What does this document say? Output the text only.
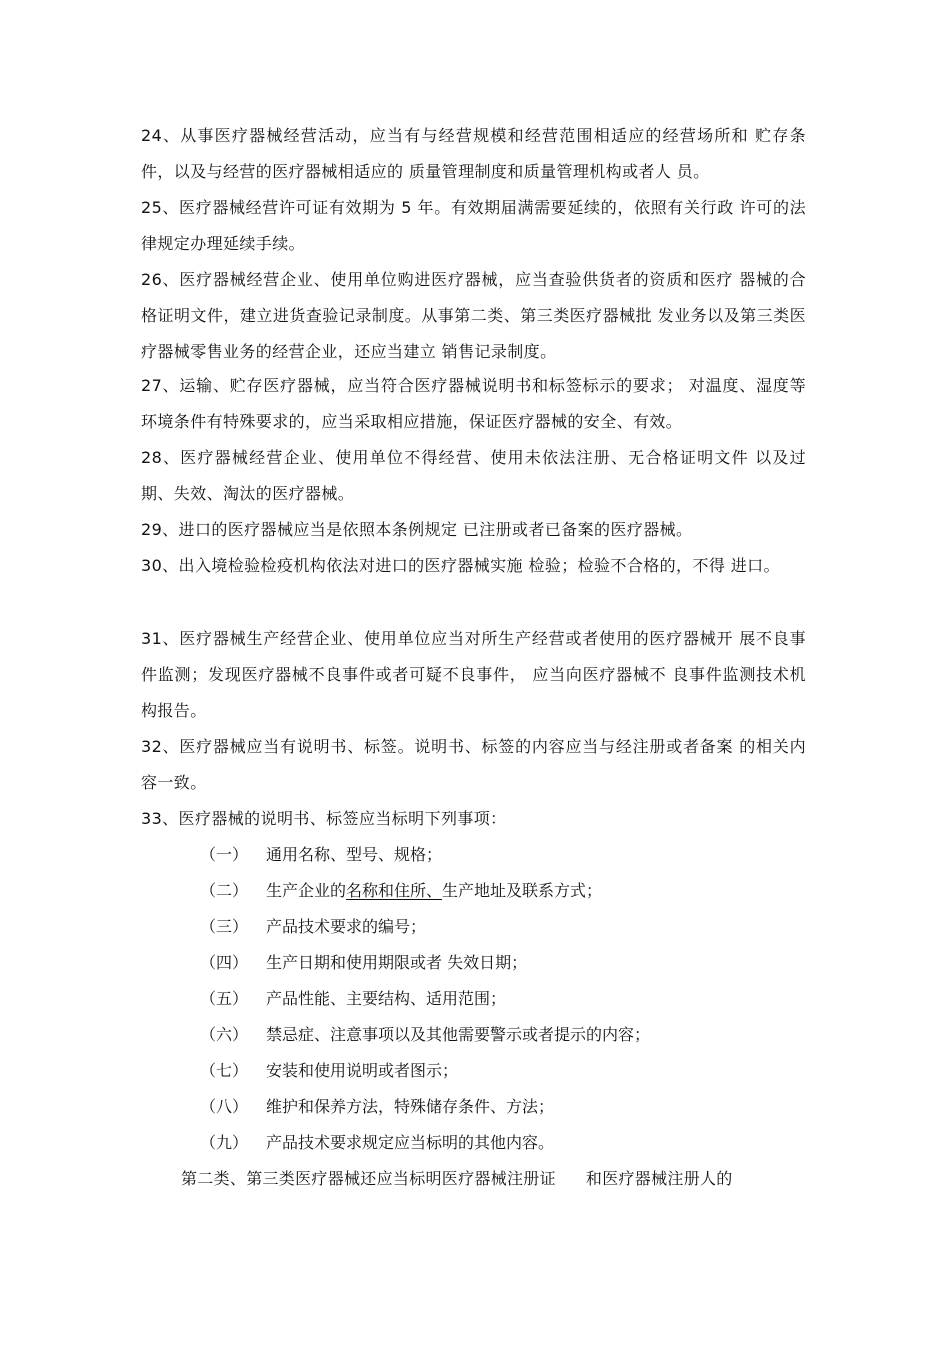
24、从事医疗器械经营活动，应当有与经营规模和经营范围相适应的经营场所和 贮存条件，以及与经营的医疗器械相适应的 质量管理制度和质量管理机构或者人 员。

25、医疗器械经营许可证有效期为 5 年。有效期届满需要延续的，依照有关行政 许可的法律规定办理延续手续。

26、医疗器械经营企业、使用单位购进医疗器械，应当查验供货者的资质和医疗 器械的合格证明文件，建立进货查验记录制度。从事第二类、第三类医疗器械批 发业务以及第三类医疗器械零售业务的经营企业，还应当建立 销售记录制度。

27、运输、贮存医疗器械，应当符合医疗器械说明书和标签标示的要求； 对温度、湿度等环境条件有特殊要求的，应当采取相应措施，保证医疗器械的安全、有效。

28、医疗器械经营企业、使用单位不得经营、使用未依法注册、无合格证明文件 以及过期、失效、淘汰的医疗器械。

29、进口的医疗器械应当是依照本条例规定 已注册或者已备案的医疗器械。

30、出入境检验检疫机构依法对进口的医疗器械实施 检验；检验不合格的，不得 进口。

31、医疗器械生产经营企业、使用单位应当对所生产经营或者使用的医疗器械开 展不良事件监测；发现医疗器械不良事件或者可疑不良事件， 应当向医疗器械不 良事件监测技术机构报告。

32、医疗器械应当有说明书、标签。说明书、标签的内容应当与经注册或者备案 的相关内容一致。

33、医疗器械的说明书、标签应当标明下列事项：

（一） 通用名称、型号、规格；
（二） 生产企业的名称和住所、生产地址及联系方式；
（三） 产品技术要求的编号；
（四） 生产日期和使用期限或者 失效日期；
（五） 产品性能、主要结构、适用范围；
（六） 禁忌症、注意事项以及其他需要警示或者提示的内容；
（七） 安装和使用说明或者图示；
（八） 维护和保养方法，特殊储存条件、方法；
（九） 产品技术要求规定应当标明的其他内容。
第二类、第三类医疗器械还应当标明医疗器械注册证 和医疗器械注册人的
